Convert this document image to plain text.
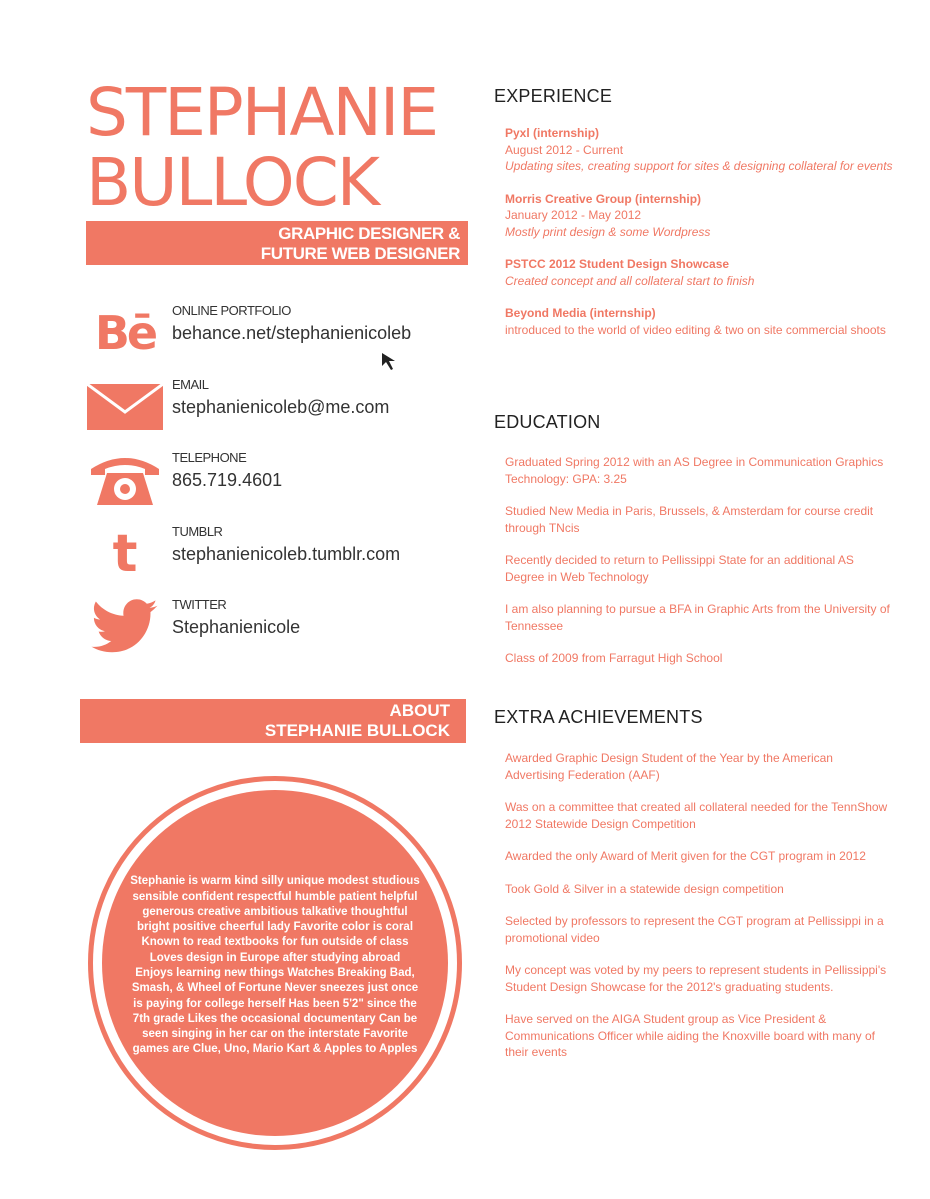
STEPHANIE
BULLOCK
GRAPHIC DESIGNER &
FUTURE WEB DESIGNER
Bē ONLINE PORTFOLIO
behance.net/stephanienicoleb
EMAIL
stephanienicoleb@me.com
TELEPHONE
865.719.4601
t	TUMBLR
stephanienicoleb.tumblr.com
TWITTER
Stephanienicole
ABOUT
STEPHANIE BULLOCK
Stephanie is warm kind silly unique modest studious sensible confident respectful humble patient helpful generous creative ambitious talkative thoughtful bright positive cheerful lady Favorite color is coral Known to read textbooks for fun outside of class Loves design in Europe after studying abroad Enjoys learning new things Watches Breaking Bad, Smash, & Wheel of Fortune Never sneezes just once is paying for college herself Has been 5'2" since the 7th grade Likes the occasional documentary Can be seen singing in her car on the interstate Favorite games are Clue, Uno, Mario Kart & Apples to Apples
EXPERIENCE
Pyxl (internship)
August 2012 - Current
Updating sites, creating support for sites & designing collateral for events
Morris Creative Group (internship)
January 2012 - May 2012
Mostly print design & some Wordpress
PSTCC 2012 Student Design Showcase
Created concept and all collateral start to finish
Beyond Media (internship)
introduced to the world of video editing & two on site commercial shoots
EDUCATION
Graduated Spring 2012 with an AS Degree in Communication Graphics Technology: GPA: 3.25
Studied New Media in Paris, Brussels, & Amsterdam for course credit through TNcis
Recently decided to return to Pellissippi State for an additional AS Degree in Web Technology
I am also planning to pursue a BFA in Graphic Arts from the University of Tennessee
Class of 2009 from Farragut High School
EXTRA ACHIEVEMENTS
Awarded Graphic Design Student of the Year by the American Advertising Federation (AAF)
Was on a committee that created all collateral needed for the TennShow 2012 Statewide Design Competition
Awarded the only Award of Merit given for the CGT program in 2012
Took Gold & Silver in a statewide design competition
Selected by professors to represent the CGT program at Pellissippi in a promotional video
My concept was voted by my peers to represent students in Pellissippi's Student Design Showcase for the 2012's graduating students.
Have served on the AIGA Student group as Vice President & Communications Officer while aiding the Knoxville board with many of their events
